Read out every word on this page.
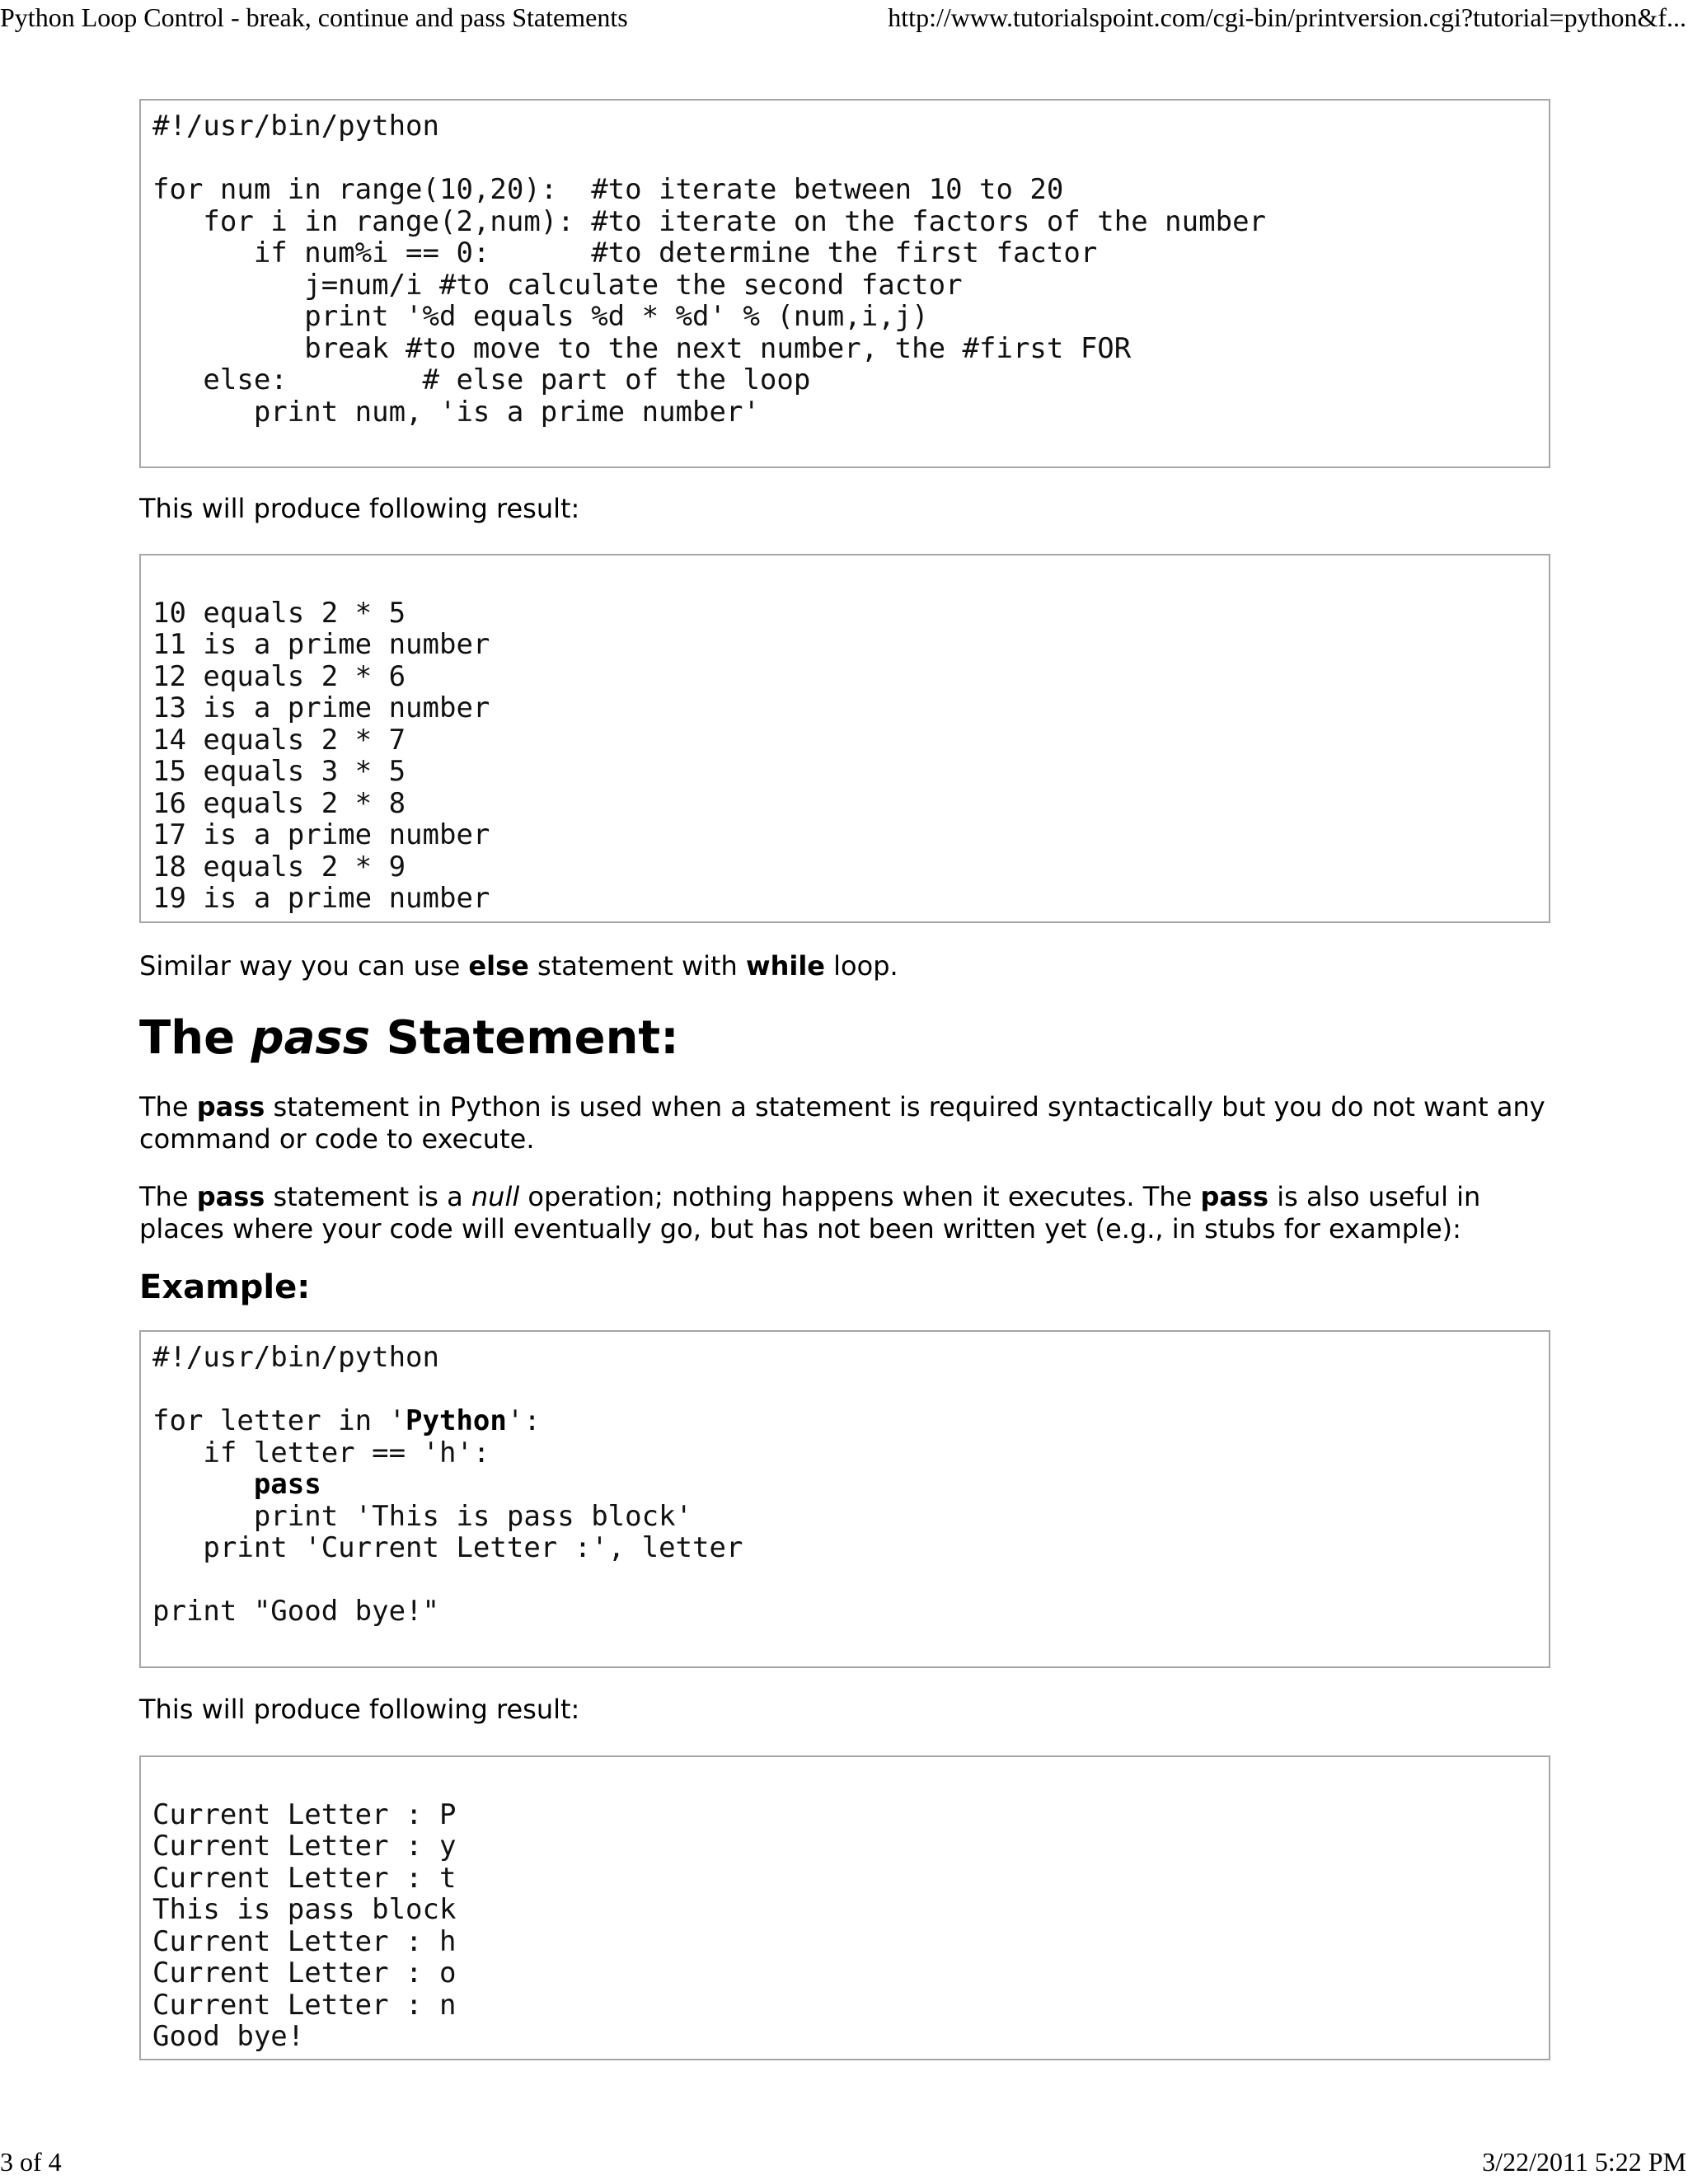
Python Loop Control - break, continue and pass Statements	http://www.tutorialspoint.com/cgi-bin/printversion.cgi?tutorial=python&f...
#!/usr/bin/python

for num in range(10,20):  #to iterate between 10 to 20
for i in range(2,num): #to iterate on the factors of the number
if num%i == 0:      #to determine the first factor
j=num/i #to calculate the second factor
print '%d equals %d * %d' % (num,i,j)
break #to move to the next number, the #first FOR
else:        # else part of the loop
print num, 'is a prime number'

This will produce following result:

10 equals 2 * 5
11 is a prime number
12 equals 2 * 6
13 is a prime number
14 equals 2 * 7
15 equals 3 * 5
16 equals 2 * 8
17 is a prime number
18 equals 2 * 9
19 is a prime number

Similar way you can use else statement with while loop.

The pass Statement:

The pass statement in Python is used when a statement is required syntactically but you do not want any
command or code to execute.

The pass statement is a null operation; nothing happens when it executes. The pass is also useful in
places where your code will eventually go, but has not been written yet (e.g., in stubs for example):

Example:
#!/usr/bin/python

for letter in 'Python':
if letter == 'h':
pass
print 'This is pass block'
print 'Current Letter :', letter

print "Good bye!"

This will produce following result:

Current Letter : P
Current Letter : y
Current Letter : t
This is pass block
Current Letter : h
Current Letter : o
Current Letter : n
Good bye!
3 of 4	3/22/2011 5:22 PM
